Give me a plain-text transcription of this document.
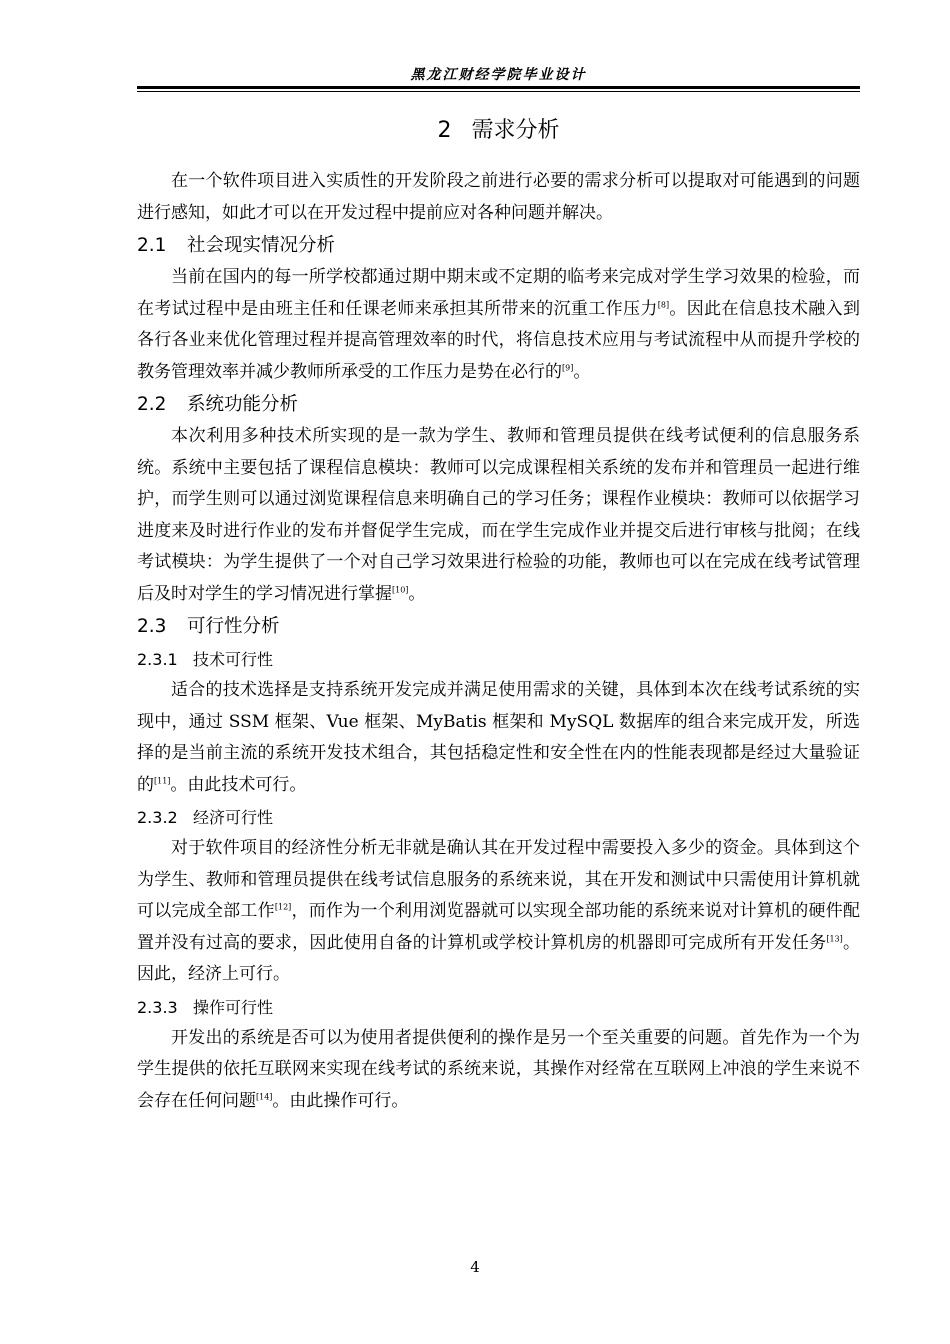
黑龙江财经学院毕业设计
2 需求分析

在一个软件项目进入实质性的开发阶段之前进行必要的需求分析可以提取对可能遇到的问题进行感知，如此才可以在开发过程中提前应对各种问题并解决。

2.1 社会现实情况分析

当前在国内的每一所学校都通过期中期末或不定期的临考来完成对学生学习效果的检验，而在考试过程中是由班主任和任课老师来承担其所带来的沉重工作压力[8]。因此在信息技术融入到各行各业来优化管理过程并提高管理效率的时代，将信息技术应用与考试流程中从而提升学校的教务管理效率并减少教师所承受的工作压力是势在必行的[9]。

2.2 系统功能分析

本次利用多种技术所实现的是一款为学生、教师和管理员提供在线考试便利的信息服务系统。系统中主要包括了课程信息模块：教师可以完成课程相关系统的发布并和管理员一起进行维护，而学生则可以通过浏览课程信息来明确自己的学习任务；课程作业模块：教师可以依据学习进度来及时进行作业的发布并督促学生完成，而在学生完成作业并提交后进行审核与批阅；在线考试模块：为学生提供了一个对自己学习效果进行检验的功能，教师也可以在完成在线考试管理后及时对学生的学习情况进行掌握[10]。

2.3 可行性分析
2.3.1 技术可行性

适合的技术选择是支持系统开发完成并满足使用需求的关键，具体到本次在线考试系统的实现中，通过 SSM 框架、Vue 框架、MyBatis 框架和 MySQL 数据库的组合来完成开发，所选择的是当前主流的系统开发技术组合，其包括稳定性和安全性在内的性能表现都是经过大量验证的[11]。由此技术可行。

2.3.2 经济可行性

对于软件项目的经济性分析无非就是确认其在开发过程中需要投入多少的资金。具体到这个为学生、教师和管理员提供在线考试信息服务的系统来说，其在开发和测试中只需使用计算机就可以完成全部工作[12]，而作为一个利用浏览器就可以实现全部功能的系统来说对计算机的硬件配置并没有过高的要求，因此使用自备的计算机或学校计算机房的机器即可完成所有开发任务[13]。因此，经济上可行。

2.3.3 操作可行性

开发出的系统是否可以为使用者提供便利的操作是另一个至关重要的问题。首先作为一个为学生提供的依托互联网来实现在线考试的系统来说，其操作对经常在互联网上冲浪的学生来说不会存在任何问题[14]。由此操作可行。

4
